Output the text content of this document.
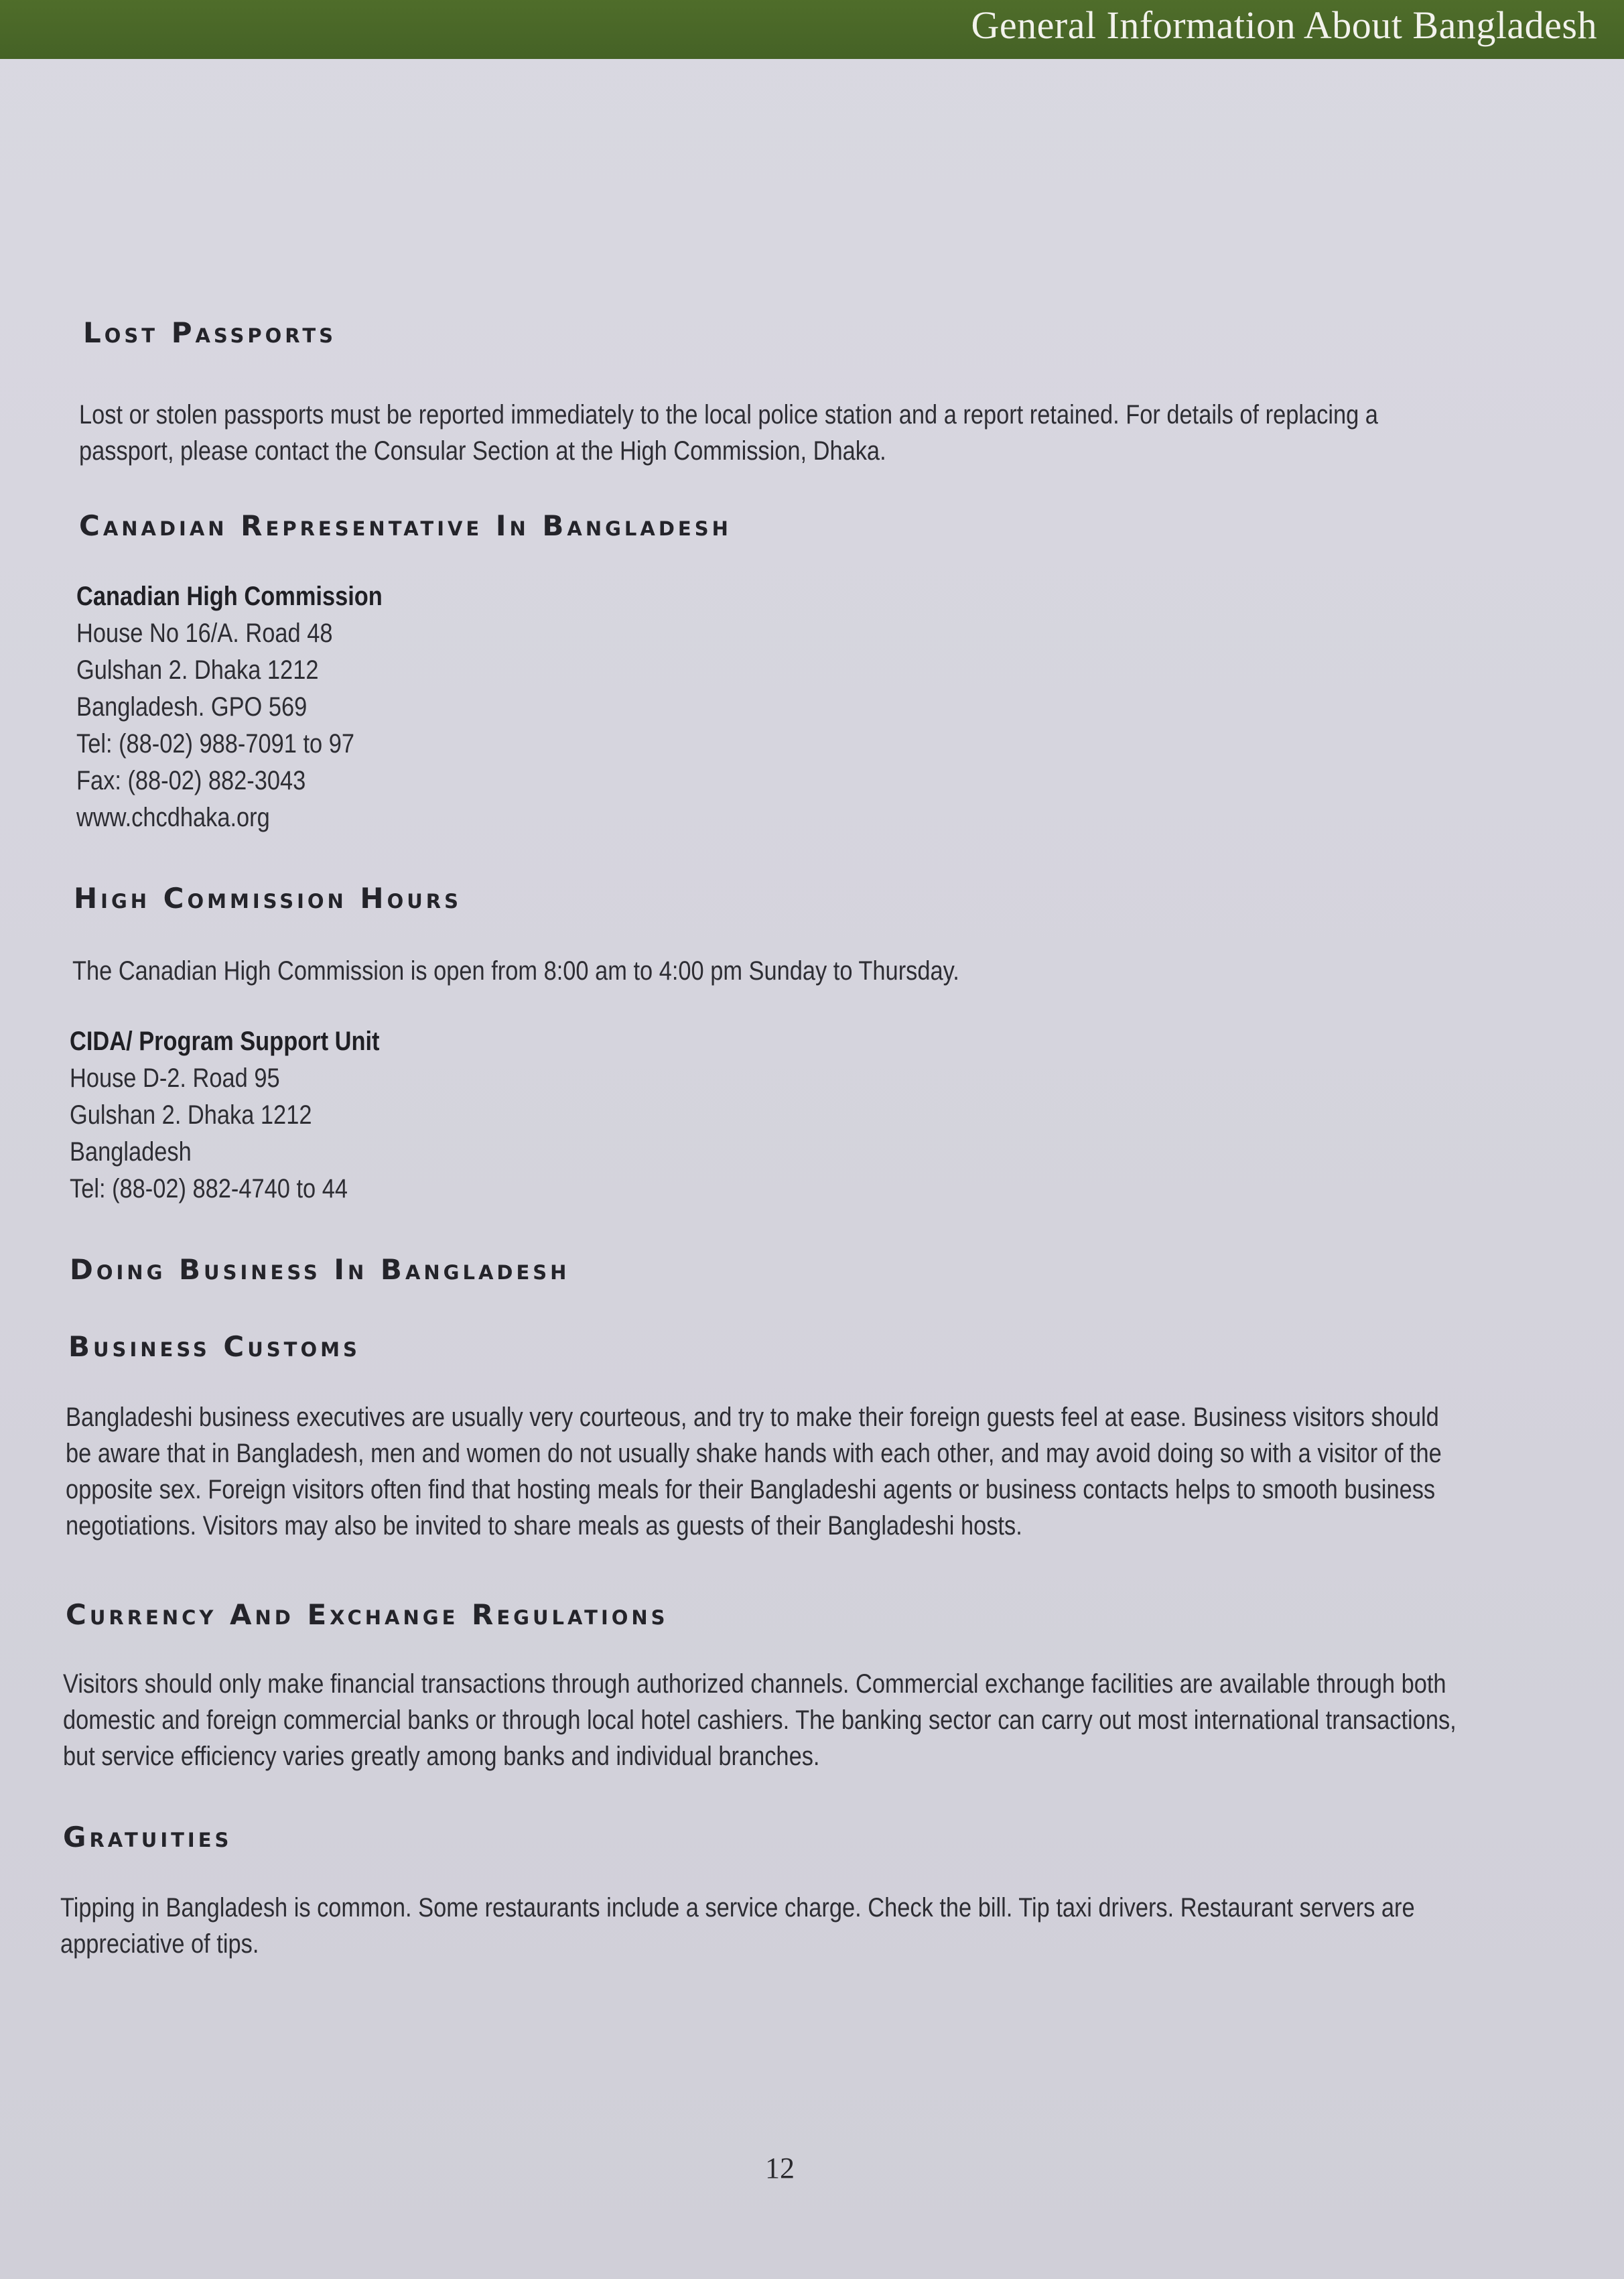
General Information About Bangladesh
Lost Passports
Lost or stolen passports must be reported immediately to the local police station and a report retained. For details of replacing a passport, please contact the Consular Section at the High Commission, Dhaka.
Canadian Representative In Bangladesh
Canadian High Commission
House No 16/A. Road 48
Gulshan 2. Dhaka 1212
Bangladesh. GPO 569
Tel: (88-02) 988-7091 to 97
Fax: (88-02) 882-3043
www.chcdhaka.org
High Commission Hours
The Canadian High Commission is open from 8:00 am to 4:00 pm Sunday to Thursday.
CIDA/ Program Support Unit
House D-2. Road 95
Gulshan 2. Dhaka 1212
Bangladesh
Tel: (88-02) 882-4740 to 44
Doing Business In Bangladesh
Business Customs
Bangladeshi business executives are usually very courteous, and try to make their foreign guests feel at ease. Business visitors should be aware that in Bangladesh, men and women do not usually shake hands with each other, and may avoid doing so with a visitor of the opposite sex. Foreign visitors often find that hosting meals for their Bangladeshi agents or business contacts helps to smooth business negotiations. Visitors may also be invited to share meals as guests of their Bangladeshi hosts.
Currency And Exchange Regulations
Visitors should only make financial transactions through authorized channels. Commercial exchange facilities are available through both domestic and foreign commercial banks or through local hotel cashiers. The banking sector can carry out most international transactions, but service efficiency varies greatly among banks and individual branches.
Gratuities
Tipping in Bangladesh is common. Some restaurants include a service charge. Check the bill. Tip taxi drivers. Restaurant servers are appreciative of tips.
12
